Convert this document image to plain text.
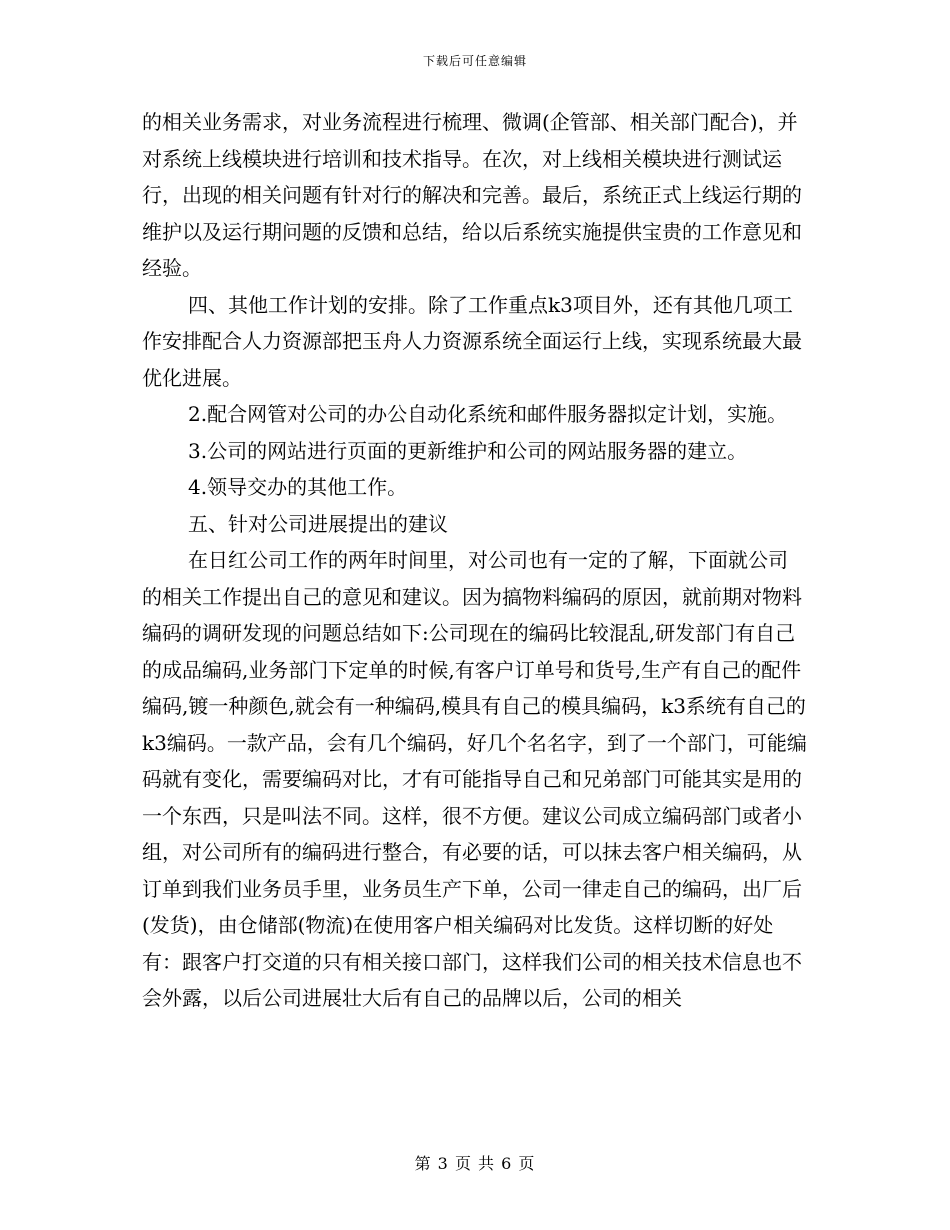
下载后可任意编辑

的相关业务需求，对业务流程进行梳理、微调(企管部、相关部门配合)，并对系统上线模块进行培训和技术指导。在次，对上线相关模块进行测试运行，出现的相关问题有针对行的解决和完善。最后，系统正式上线运行期的维护以及运行期问题的反馈和总结，给以后系统实施提供宝贵的工作意见和经验。

四、其他工作计划的安排。除了工作重点k3项目外，还有其他几项工作安排配合人力资源部把玉舟人力资源系统全面运行上线，实现系统最大最优化进展。

2.配合网管对公司的办公自动化系统和邮件服务器拟定计划，实施。

3.公司的网站进行页面的更新维护和公司的网站服务器的建立。

4.领导交办的其他工作。

五、针对公司进展提出的建议

在日红公司工作的两年时间里，对公司也有一定的了解，下面就公司的相关工作提出自己的意见和建议。因为搞物料编码的原因，就前期对物料编码的调研发现的问题总结如下:公司现在的编码比较混乱,研发部门有自己的成品编码,业务部门下定单的时候,有客户订单号和货号,生产有自己的配件编码,镀一种颜色,就会有一种编码,模具有自己的模具编码，k3系统有自己的k3编码。一款产品，会有几个编码，好几个名名字，到了一个部门，可能编码就有变化，需要编码对比，才有可能指导自己和兄弟部门可能其实是用的一个东西，只是叫法不同。这样，很不方便。建议公司成立编码部门或者小组，对公司所有的编码进行整合，有必要的话，可以抹去客户相关编码，从订单到我们业务员手里，业务员生产下单，公司一律走自己的编码，出厂后(发货)，由仓储部(物流)在使用客户相关编码对比发货。这样切断的好处有：跟客户打交道的只有相关接口部门，这样我们公司的相关技术信息也不会外露，以后公司进展壮大后有自己的品牌以后，公司的相关

第 3 页 共 6 页
